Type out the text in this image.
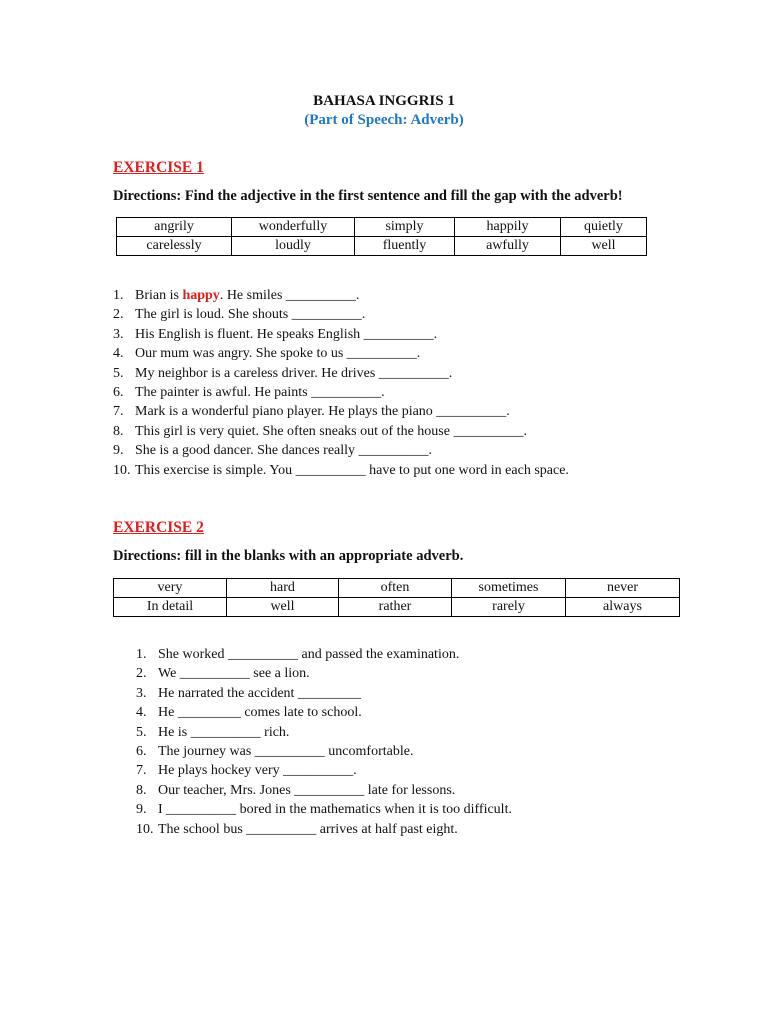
BAHASA INGGRIS 1
(Part of Speech: Adverb)
EXERCISE 1
Directions: Find the adjective in the first sentence and fill the gap with the adverb!
angrily	wonderfully	simply	happily	quietly
carelessly	loudly	fluently	awfully	well
1. Brian is happy. He smiles __________.
2. The girl is loud. She shouts __________.
3. His English is fluent. He speaks English __________.
4. Our mum was angry. She spoke to us __________.
5. My neighbor is a careless driver. He drives __________.
6. The painter is awful. He paints __________.
7. Mark is a wonderful piano player. He plays the piano __________.
8. This girl is very quiet. She often sneaks out of the house __________.
9. She is a good dancer. She dances really __________.
10. This exercise is simple. You __________ have to put one word in each space.
EXERCISE 2
Directions: fill in the blanks with an appropriate adverb.
very	hard	often	sometimes	never
In detail	well	rather	rarely	always
1. She worked __________ and passed the examination.
2. We __________ see a lion.
3. He narrated the accident _________
4. He _________ comes late to school.
5. He is __________ rich.
6. The journey was __________ uncomfortable.
7. He plays hockey very __________.
8. Our teacher, Mrs. Jones __________ late for lessons.
9. I __________ bored in the mathematics when it is too difficult.
10. The school bus __________ arrives at half past eight.
